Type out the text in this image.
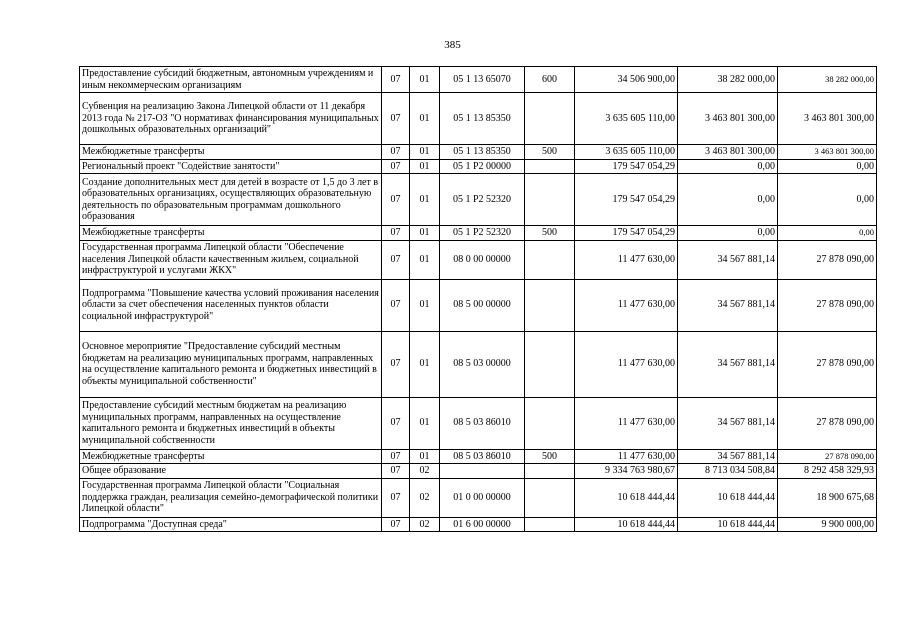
385
Предоставление субсидий бюджетным, автономным учреждениям и иным некоммерческим организациям	07	01	05 1 13 65070	600	34 506 900,00	38 282 000,00	38 282 000,00
Субвенция на реализацию Закона Липецкой области от 11 декабря 2013 года № 217-ОЗ "О нормативах финансирования муниципальных дошкольных образовательных организаций"	07	01	05 1 13 85350		3 635 605 110,00	3 463 801 300,00	3 463 801 300,00
Межбюджетные трансферты	07	01	05 1 13 85350	500	3 635 605 110,00	3 463 801 300,00	3 463 801 300,00
Региональный проект "Содействие занятости"	07	01	05 1 P2 00000		179 547 054,29	0,00	0,00
Создание дополнительных мест для детей в возрасте от 1,5 до 3 лет в образовательных организациях, осуществляющих образовательную деятельность по образовательным программам дошкольного образования	07	01	05 1 P2 52320		179 547 054,29	0,00	0,00
Межбюджетные трансферты	07	01	05 1 P2 52320	500	179 547 054,29	0,00	0,00
Государственная программа Липецкой области "Обеспечение населения Липецкой области качественным жильем, социальной инфраструктурой и услугами ЖКХ"	07	01	08 0 00 00000		11 477 630,00	34 567 881,14	27 878 090,00
Подпрограмма "Повышение качества условий проживания населения области за счет обеспечения населенных пунктов области социальной инфраструктурой"	07	01	08 5 00 00000		11 477 630,00	34 567 881,14	27 878 090,00
Основное мероприятие "Предоставление субсидий местным бюджетам на реализацию муниципальных программ, направленных на осуществление капитального ремонта и бюджетных инвестиций в объекты муниципальной собственности"	07	01	08 5 03 00000		11 477 630,00	34 567 881,14	27 878 090,00
Предоставление субсидий местным бюджетам на реализацию муниципальных программ, направленных на осуществление капитального ремонта и бюджетных инвестиций в объекты муниципальной собственности	07	01	08 5 03 86010		11 477 630,00	34 567 881,14	27 878 090,00
Межбюджетные трансферты	07	01	08 5 03 86010	500	11 477 630,00	34 567 881,14	27 878 090,00
Общее образование	07	02			9 334 763 980,67	8 713 034 508,84	8 292 458 329,93
Государственная программа Липецкой области "Социальная поддержка граждан, реализация семейно-демографической политики Липецкой области"	07	02	01 0 00 00000		10 618 444,44	10 618 444,44	18 900 675,68
Подпрограмма "Доступная среда"	07	02	01 6 00 00000		10 618 444,44	10 618 444,44	9 900 000,00
